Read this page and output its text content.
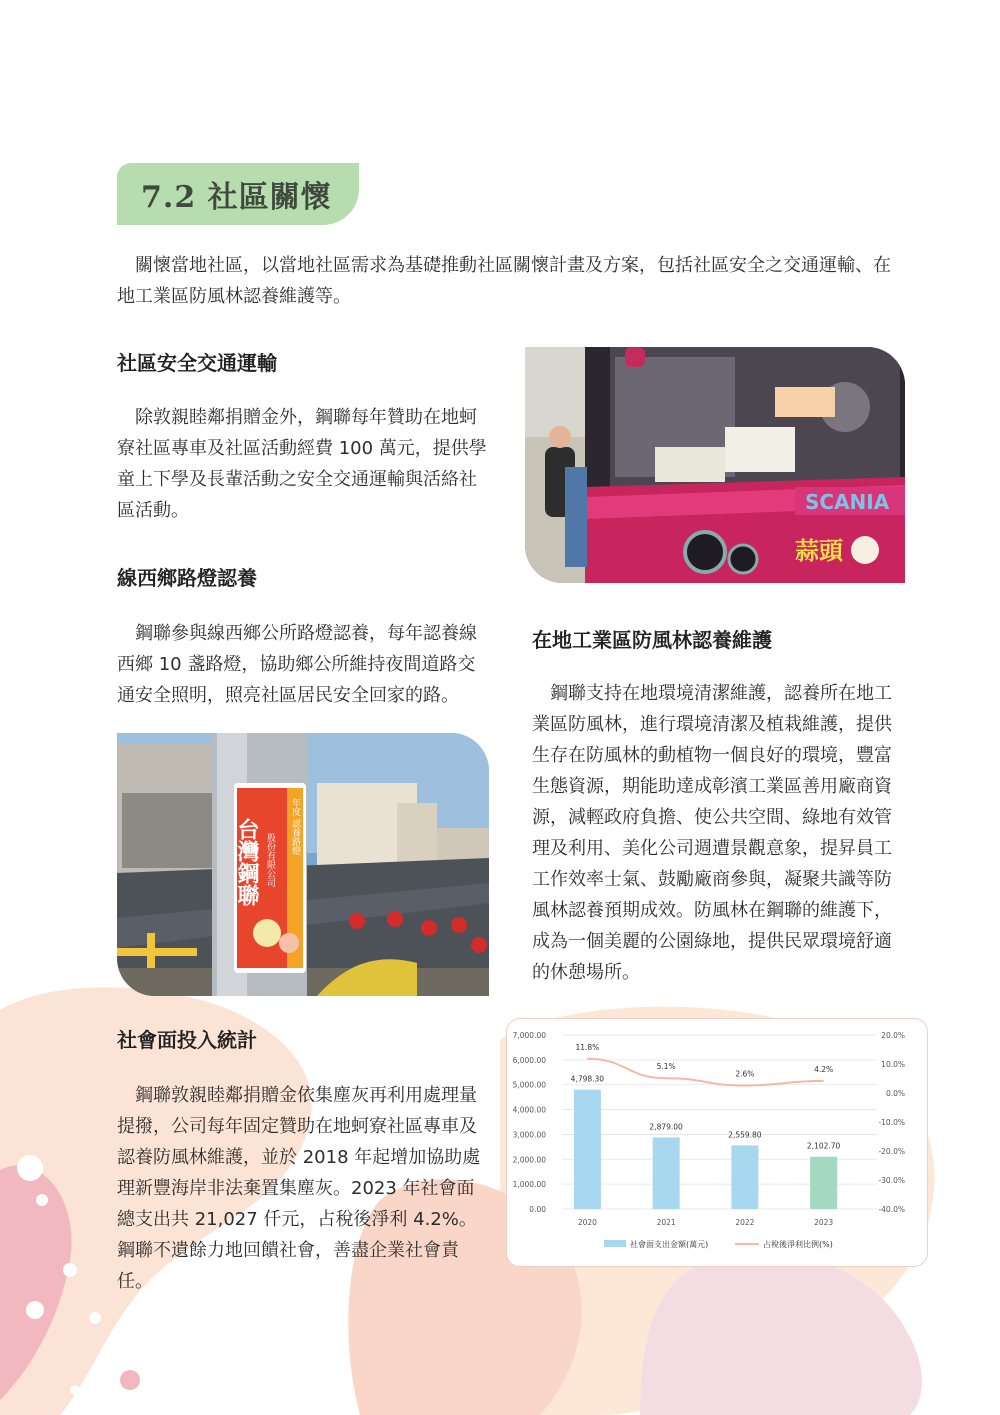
7.2 社區關懷

關懷當地社區，以當地社區需求為基礎推動社區關懷計畫及方案，包括社區安全之交通運輸、在地工業區防風林認養維護等。

社區安全交通運輸

除敦親睦鄰捐贈金外，鋼聯每年贊助在地蚵寮社區專車及社區活動經費 100 萬元，提供學童上下學及長輩活動之安全交通運輸與活絡社區活動。

線西鄉路燈認養

鋼聯參與線西鄉公所路燈認養，每年認養線西鄉 10 盞路燈，協助鄉公所維持夜間道路交通安全照明，照亮社區居民安全回家的路。

在地工業區防風林認養維護

鋼聯支持在地環境清潔維護，認養所在地工業區防風林，進行環境清潔及植栽維護，提供生存在防風林的動植物一個良好的環境，豐富生態資源，期能助達成彰濱工業區善用廠商資源，減輕政府負擔、使公共空間、綠地有效管理及利用、美化公司週遭景觀意象，提昇員工工作效率士氣、鼓勵廠商參與，凝聚共識等防風林認養預期成效。防風林在鋼聯的維護下，成為一個美麗的公園綠地，提供民眾環境舒適的休憩場所。

社會面投入統計

鋼聯敦親睦鄰捐贈金依集塵灰再利用處理量提撥，公司每年固定贊助在地蚵寮社區專車及認養防風林維護，並於 2018 年起增加協助處理新豐海岸非法棄置集塵灰。2023 年社會面總支出共 21,027 仟元，占稅後淨利 4.2%。鋼聯不遺餘力地回饋社會，善盡企業社會責任。

SCANIA
蒜頭
台灣鋼聯 股份有限公司
年度 認養路燈
0.00
1,000.00
2,000.00
3,000.00
4,000.00
5,000.00
6,000.00
7,000.00
-40.0%
-30.0%
-20.0%
-10.0%
0.0%
10.0%
20.0%
4,798.30
2020
2,879.00
2021
2,559.80
2022
2,102.70
2023
11.8%
5.1%
2.6%
4.2%
社會面支出金額(萬元)	占稅後淨利比例(%)
